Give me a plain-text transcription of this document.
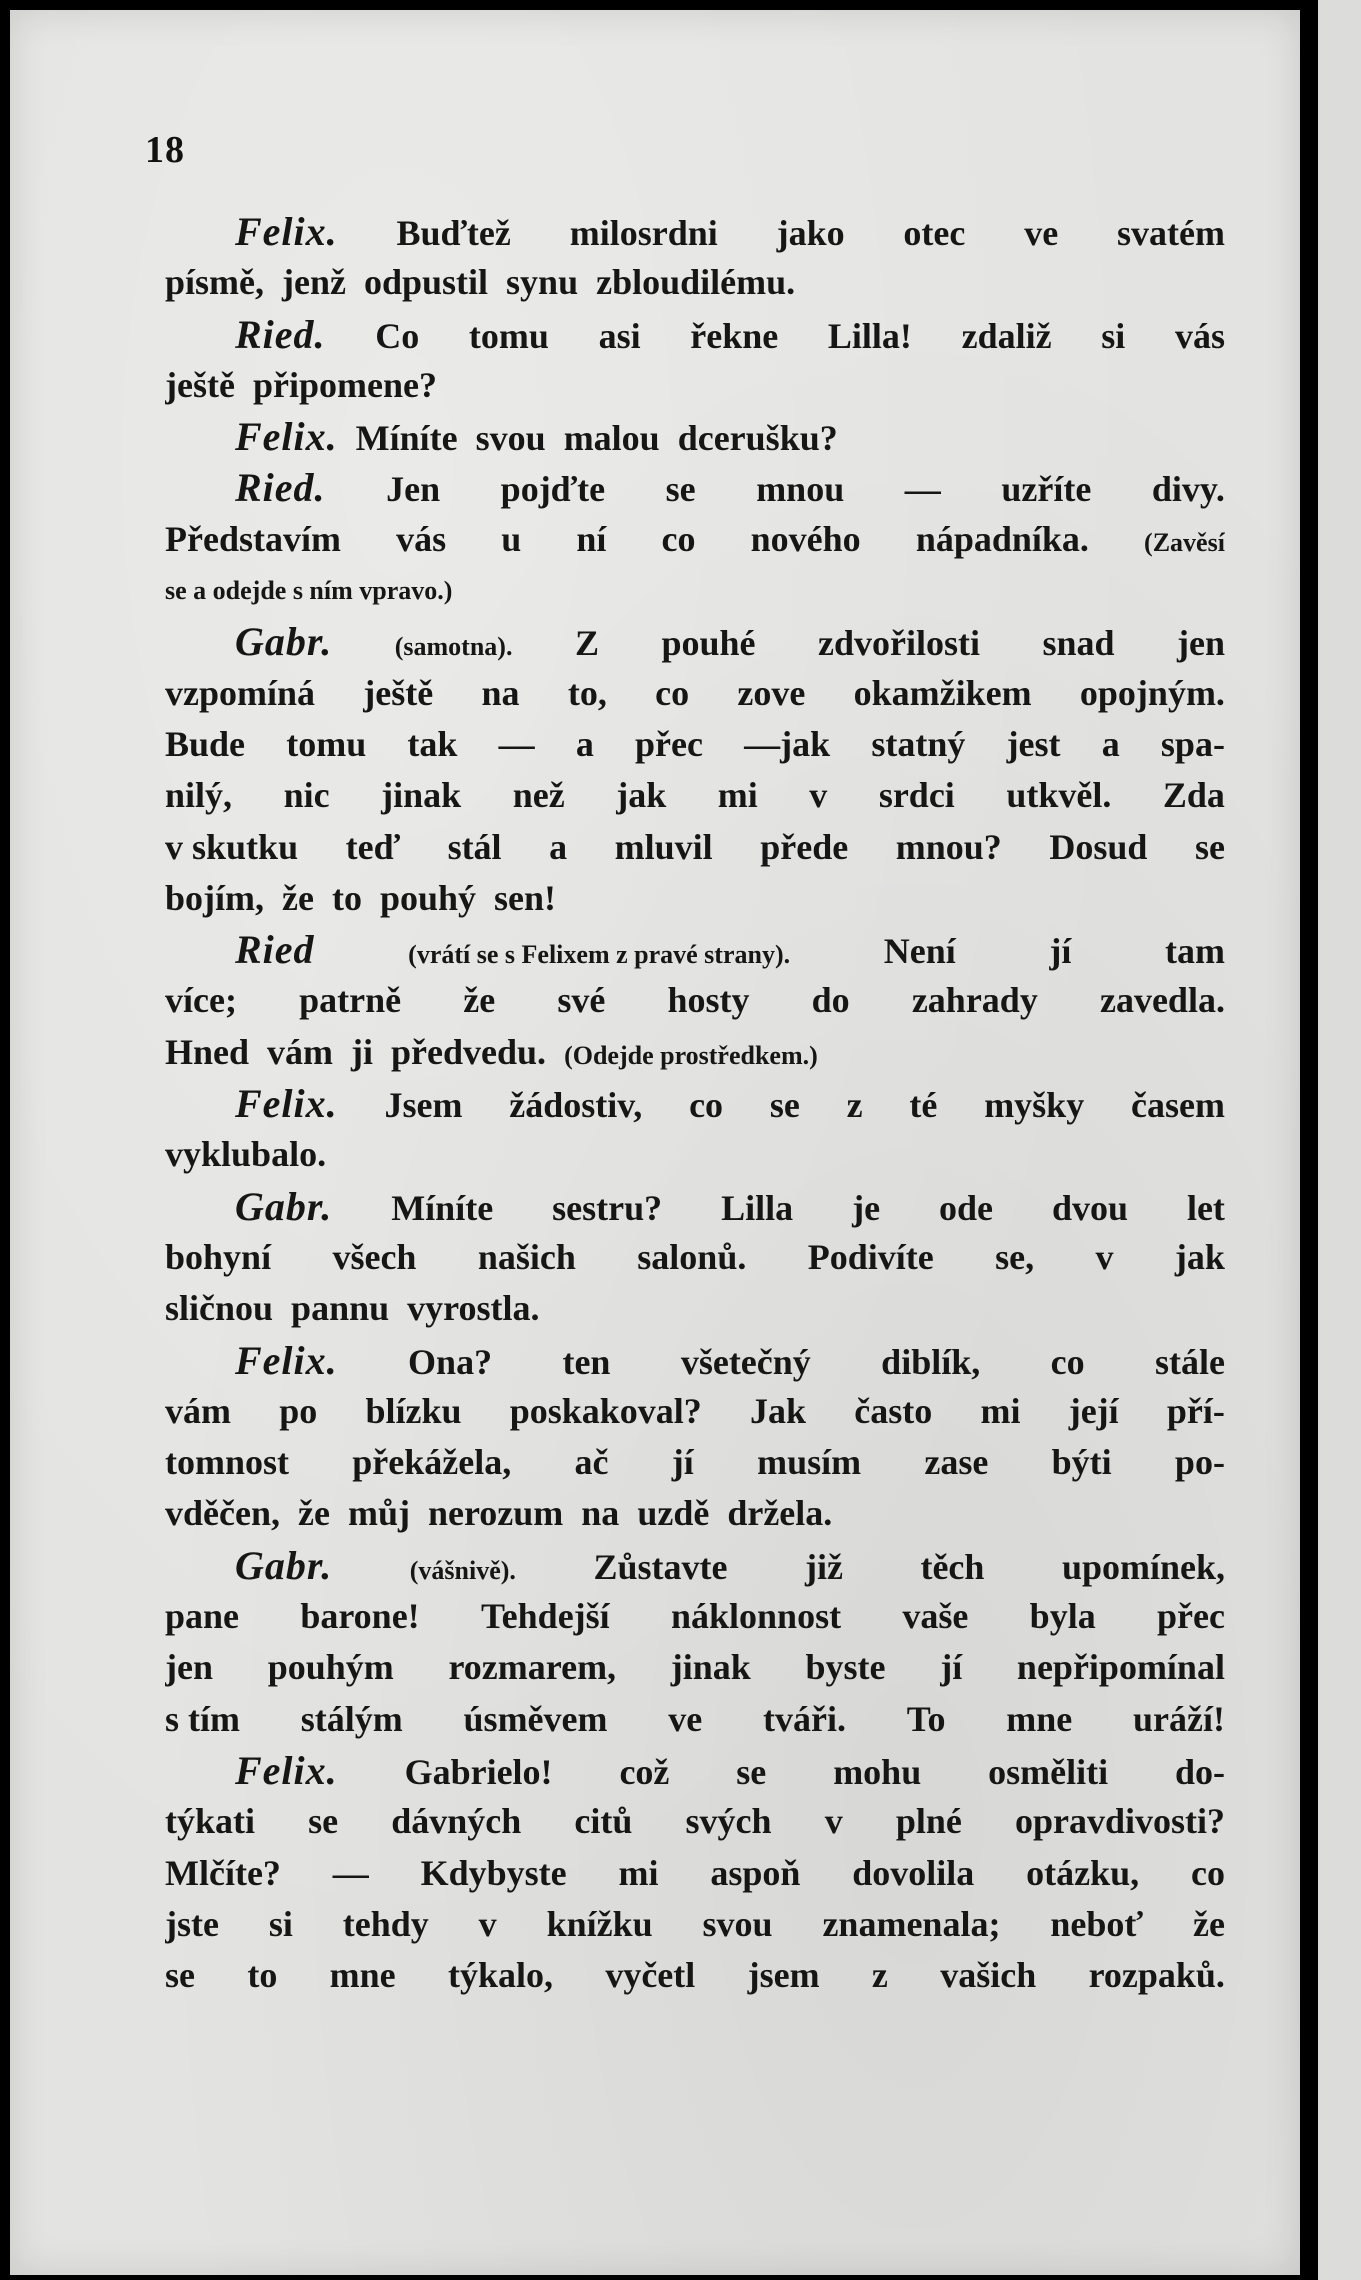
18
Felix. Buďtež milosrdni jako otec ve svatém
písmě, jenž odpustil synu zbloudilému.
Ried. Co tomu asi řekne Lilla! zdaliž si vás
ještě připomene?
Felix. Míníte svou malou dcerušku?
Ried. Jen pojďte se mnou — uzříte divy.
Představím vás u ní co nového nápadníka. (Zavěsí
se a odejde s ním vpravo.)
Gabr. (samotna). Z pouhé zdvořilosti snad jen
vzpomíná ještě na to, co zove okamžikem opojným.
Bude tomu tak — a přec —jak statný jest a spa-
nilý, nic jinak než jak mi v srdci utkvěl. Zda
v skutku teď stál a mluvil přede mnou? Dosud se
bojím, že to pouhý sen!
Ried	(vrátí se s Felixem z pravé strany).	Není	jí	tam
více; patrně že své hosty do zahrady zavedla.
Hned vám ji předvedu. (Odejde prostředkem.)
Felix. Jsem žádostiv, co se z té myšky časem
vyklubalo.
Gabr. Míníte sestru? Lilla je ode dvou let
bohyní všech našich salonů. Podivíte se, v jak
sličnou pannu vyrostla.
Felix. Ona? ten všetečný diblík, co stále
vám po blízku poskakoval? Jak často mi její pří-
tomnost překážela, ač jí musím zase býti po-
vděčen, že můj nerozum na uzdě držela.
Gabr.	(vášnivě). Zůstavte již těch upomínek,
pane barone! Tehdejší náklonnost vaše byla přec
jen pouhým rozmarem, jinak byste jí nepřipomínal
s tím stálým úsměvem ve tváři. To mne uráží!
Felix. Gabrielo! což se mohu osměliti do-
týkati se dávných citů svých v plné opravdivosti?
Mlčíte? — Kdybyste mi aspoň dovolila otázku, co
jste si tehdy v knížku svou znamenala; neboť že
se to mne týkalo, vyčetl jsem z vašich rozpaků.
